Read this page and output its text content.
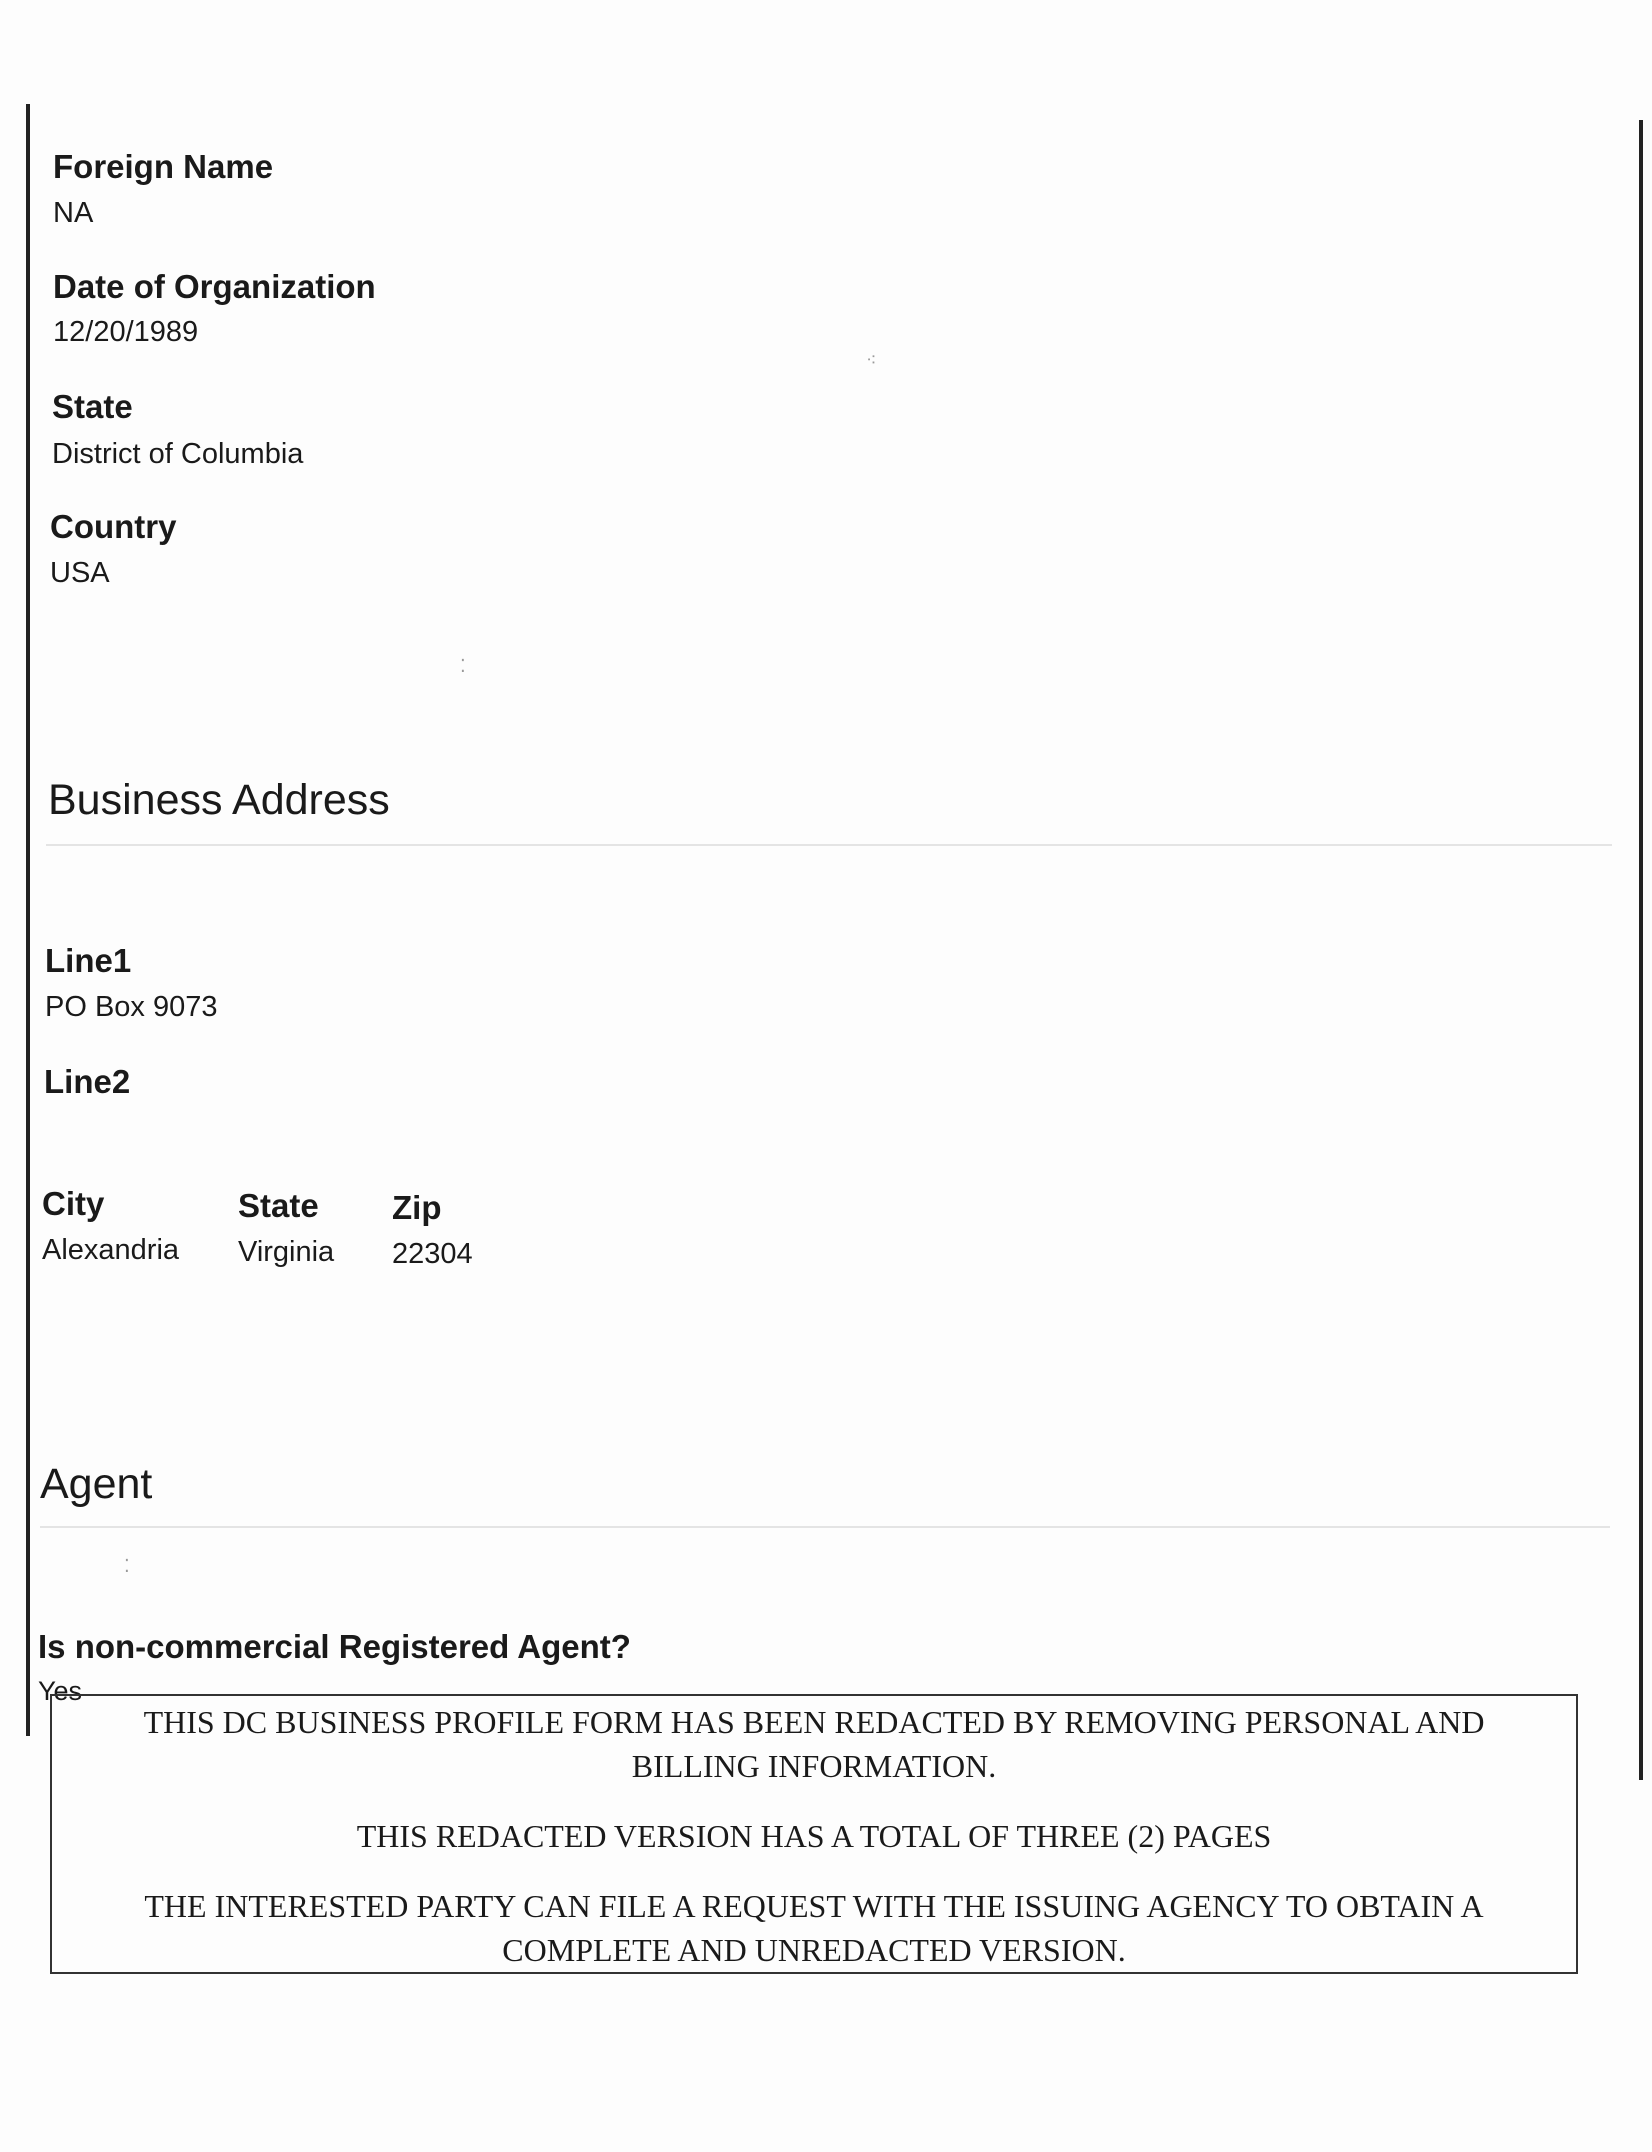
Foreign Name
NA
Date of Organization
12/20/1989
State
District of Columbia
Country
USA
Business Address
Line1
PO Box 9073
Line2
City
Alexandria
State
Virginia
Zip
22304
Agent
Is non-commercial Registered Agent?
Yes

THIS DC BUSINESS PROFILE FORM HAS BEEN REDACTED BY REMOVING PERSONAL AND BILLING INFORMATION.

THIS REDACTED VERSION HAS A TOTAL OF THREE (2) PAGES

THE INTERESTED PARTY CAN FILE A REQUEST WITH THE ISSUING AGENCY TO OBTAIN A COMPLETE AND UNREDACTED VERSION.

⁖
⁚
⁚
